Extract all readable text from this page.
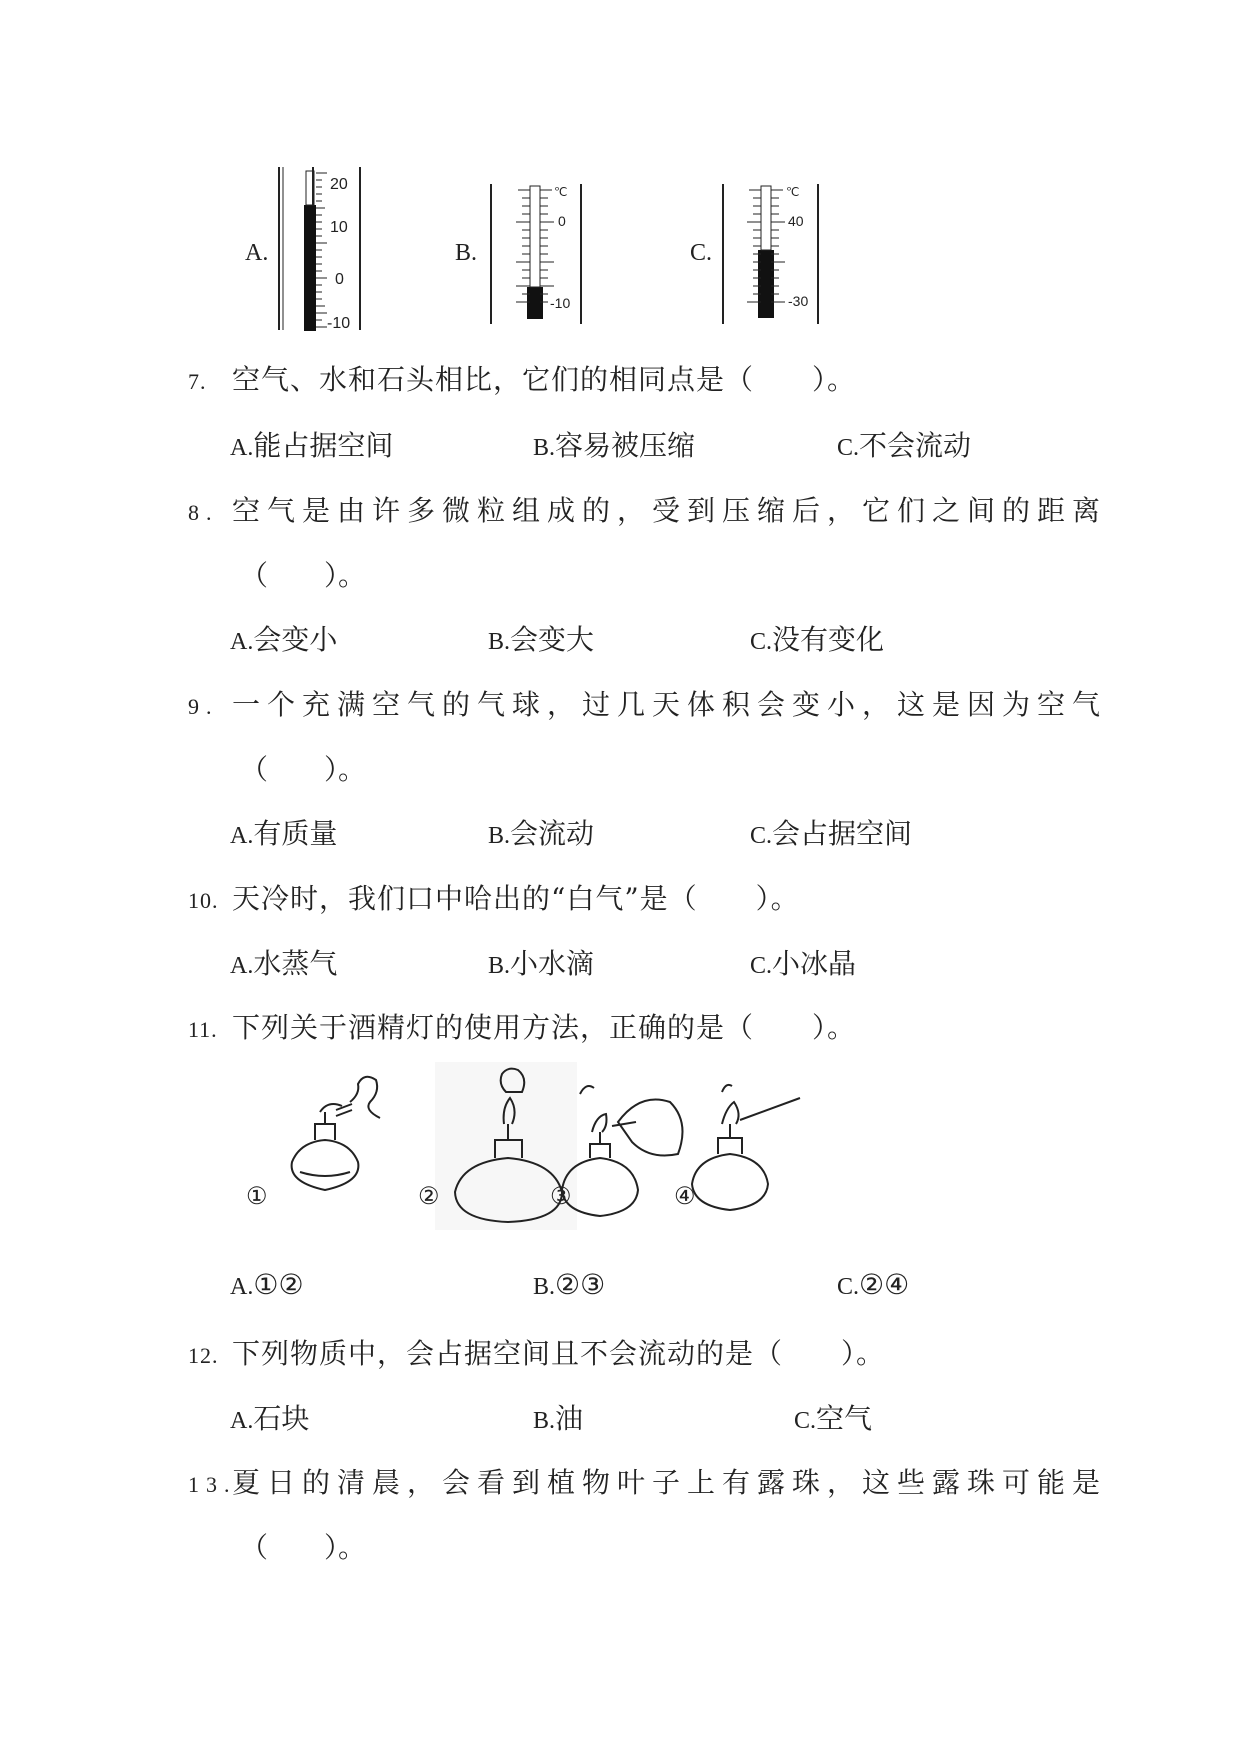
A.
20
10
0
-10
B.
℃
0
-10
C.
℃
40
-30
7. 空气、水和石头相比，它们的相同点是（　　）。
A.能占据空间	B.容易被压缩	C.不会流动
8. 空气是由许多微粒组成的，受到压缩后，它们之间的距离
（　　）。
A.会变小	B.会变大	C.没有变化
9. 一个充满空气的气球，过几天体积会变小，这是因为空气
（　　）。
A.有质量	B.会流动	C.会占据空间
10. 天冷时，我们口中哈出的“白气”是（　　）。
A.水蒸气	B.小水滴	C.小冰晶
11. 下列关于酒精灯的使用方法，正确的是（　　）。
①	②	③	④
A.①②	B.②③	C.②④
12. 下列物质中，会占据空间且不会流动的是（　　）。
A.石块	B.油	C.空气
13.夏日的清晨，会看到植物叶子上有露珠，这些露珠可能是
（　　）。
